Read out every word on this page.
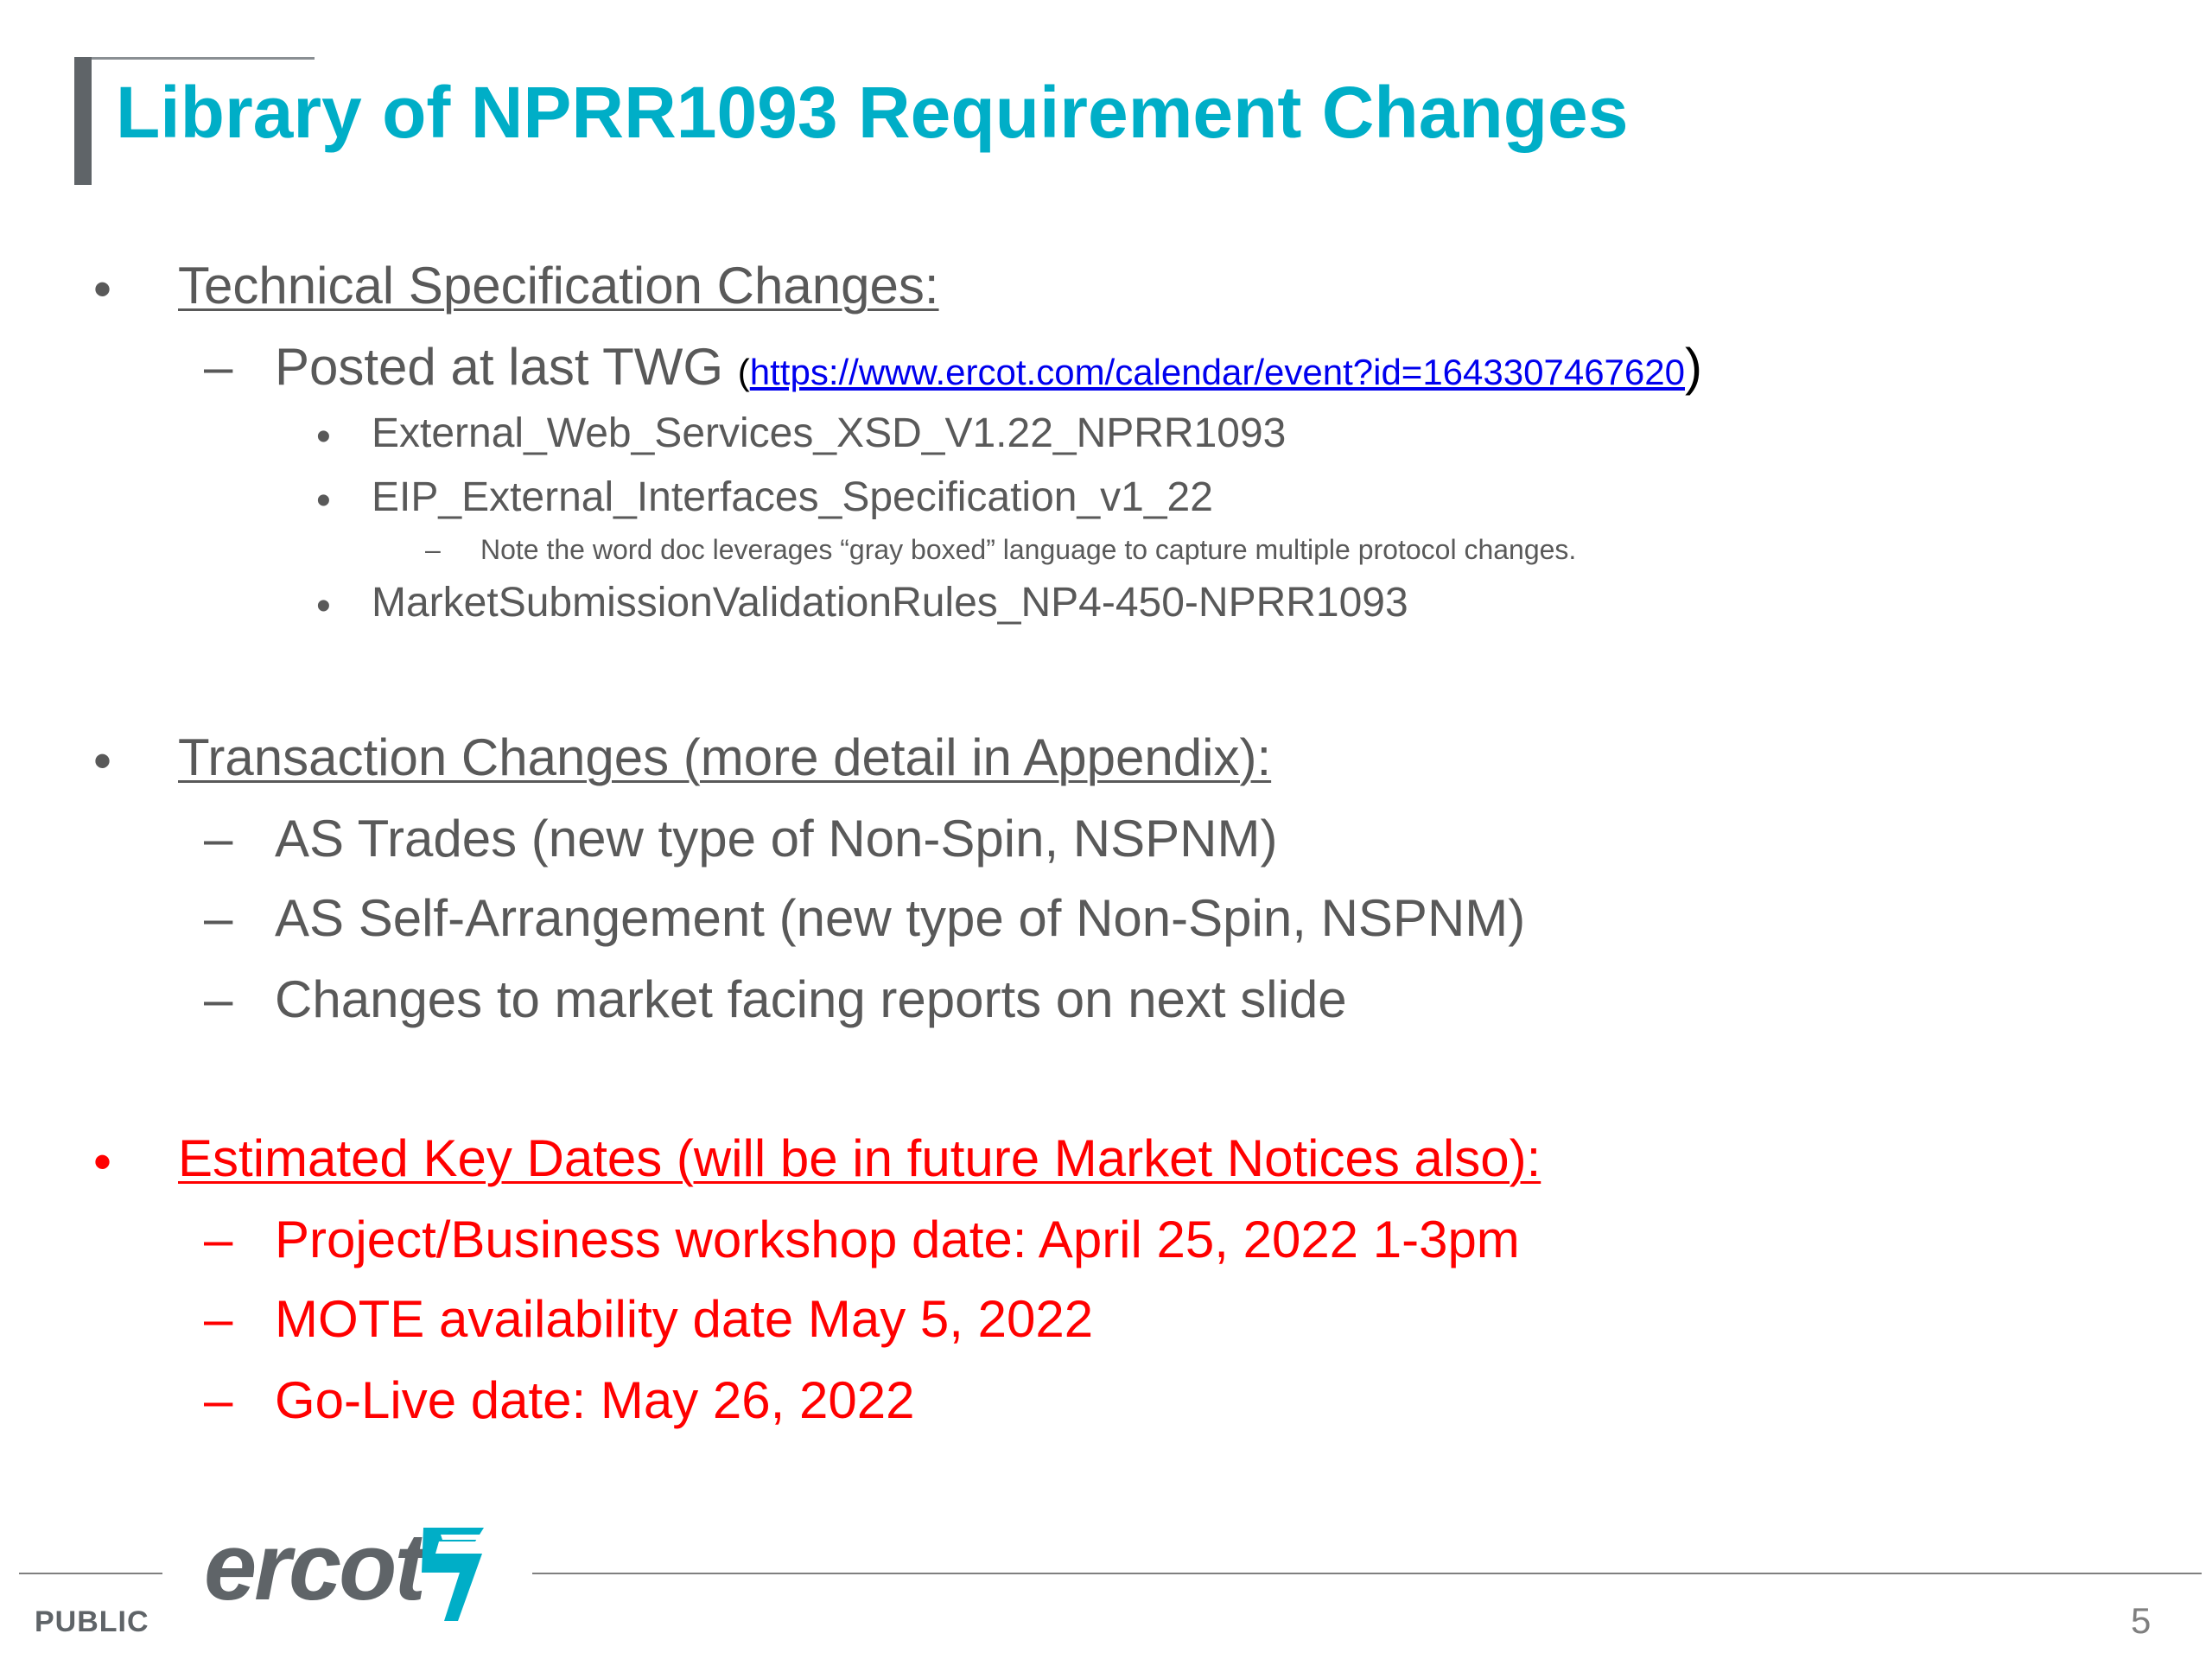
Library of NPRR1093 Requirement Changes
• Technical Specification Changes:
– Posted at last TWG (https://www.ercot.com/calendar/event?id=1643307467620)
• External_Web_Services_XSD_V1.22_NPRR1093
• EIP_External_Interfaces_Specification_v1_22
– Note the word doc leverages “gray boxed” language to capture multiple protocol changes.
• MarketSubmissionValidationRules_NP4-450-NPRR1093
• Transaction Changes (more detail in Appendix):
– AS Trades (new type of Non-Spin, NSPNM)
– AS Self-Arrangement (new type of Non-Spin, NSPNM)
– Changes to market facing reports on next slide
• Estimated Key Dates (will be in future Market Notices also):
– Project/Business workshop date: April 25, 2022 1-3pm
– MOTE availability date May 5, 2022
– Go-Live date: May 26, 2022
PUBLIC
ercot
5
